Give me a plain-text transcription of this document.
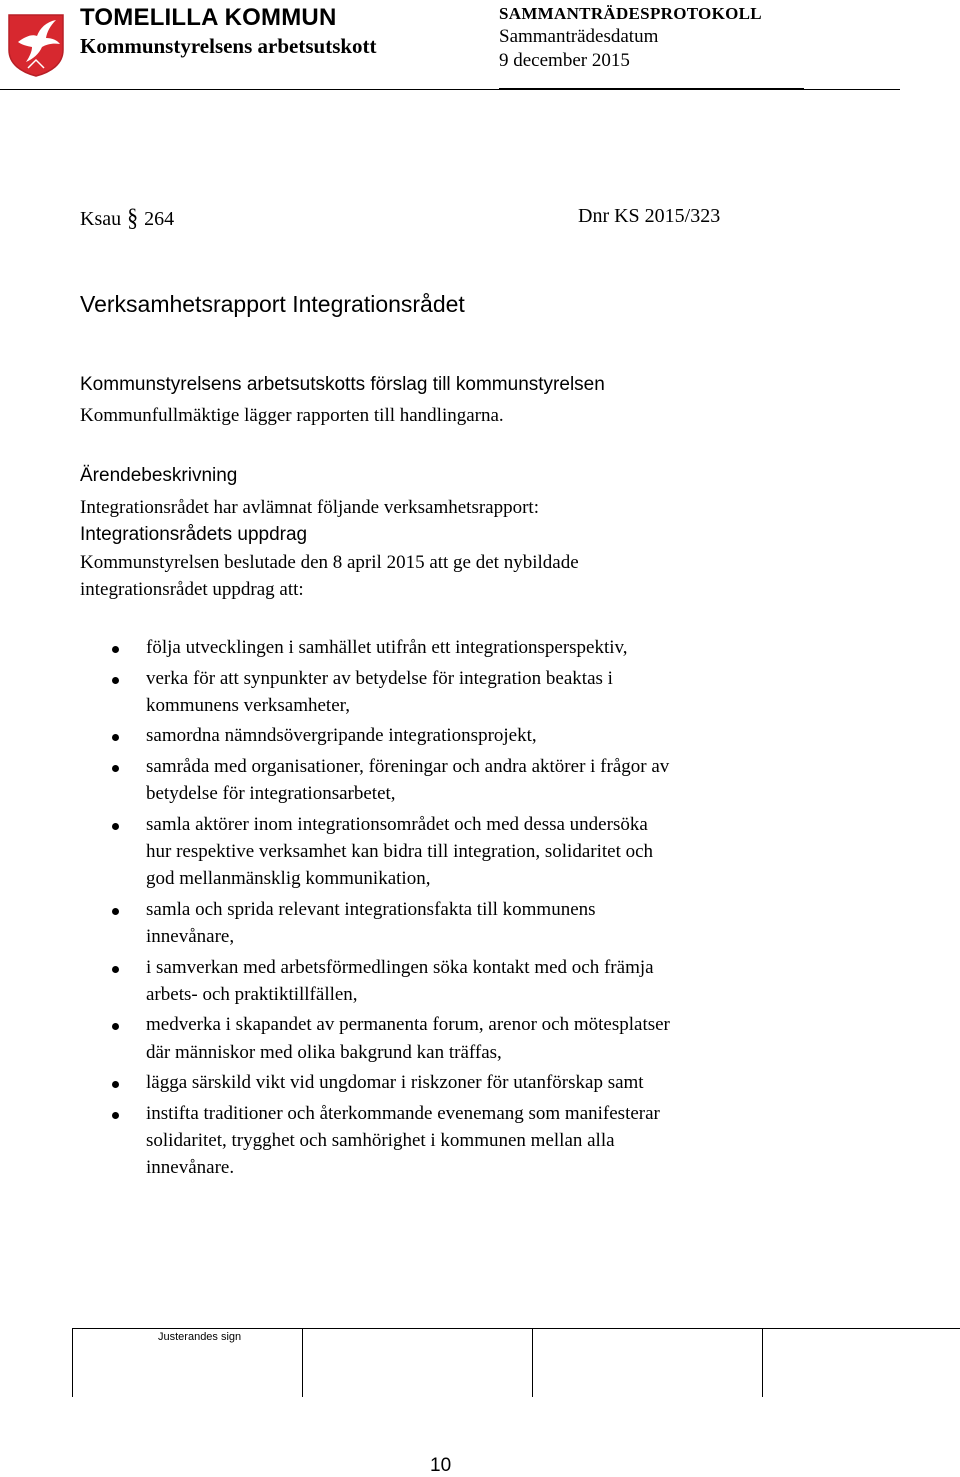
TOMELILLA KOMMUN
Kommunstyrelsens arbetsutskott
SAMMANTRÄDESPROTOKOLL
Sammanträdesdatum
9 december 2015
Ksau § 264	Dnr KS 2015/323
Verksamhetsrapport Integrationsrådet
Kommunstyrelsens arbetsutskotts förslag till kommunstyrelsen
Kommunfullmäktige lägger rapporten till handlingarna.
Ärendebeskrivning
Integrationsrådet har avlämnat följande verksamhetsrapport:
Integrationsrådets uppdrag
Kommunstyrelsen beslutade den 8 april 2015 att ge det nybildade
integrationsrådet uppdrag att:
följa utvecklingen i samhället utifrån ett integrationsperspektiv,
verka för att synpunkter av betydelse för integration beaktas i
kommunens verksamheter,
samordna nämndsövergripande integrationsprojekt,
samråda med organisationer, föreningar och andra aktörer i frågor av
betydelse för integrationsarbetet,
samla aktörer inom integrationsområdet och med dessa undersöka
hur respektive verksamhet kan bidra till integration, solidaritet och
god mellanmänsklig kommunikation,
samla och sprida relevant integrationsfakta till kommunens
innevånare,
i samverkan med arbetsförmedlingen söka kontakt med och främja
arbets- och praktiktillfällen,
medverka i skapandet av permanenta forum, arenor och mötesplatser
där människor med olika bakgrund kan träffas,
lägga särskild vikt vid ungdomar i riskzoner för utanförskap samt
instifta traditioner och återkommande evenemang som manifesterar
solidaritet, trygghet och samhörighet i kommunen mellan alla
innevånare.
Justerandes sign
10
